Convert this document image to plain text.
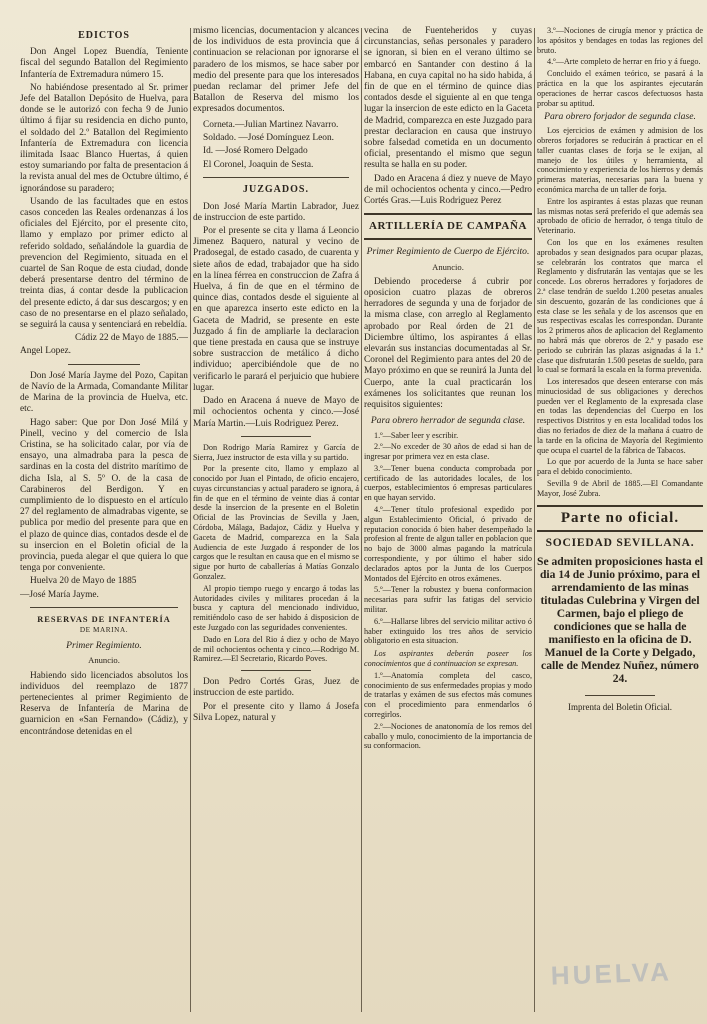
EDICTOS

Don Angel Lopez Buendía, Teniente fiscal del segundo Batallon del Regimiento Infantería de Extremadura número 15.

No habiéndose presentado al Sr. primer Jefe del Batallon Depósito de Huelva, para donde se le autorizó con fecha 9 de Junio último á fijar su residencia en dicho punto, el soldado del 2.º Batallon del Regimiento Infantería de Extremadura con licencia ilimitada Isaac Blanco Huertas, á quien estoy sumariando por falta de presentacion á la revista anual del mes de Octubre último, é ignorándose su paradero;

Usando de las facultades que en estos casos conceden las Reales ordenanzas á los oficiales del Ejército, por el presente cito, llamo y emplazo por primer edicto al referido soldado, señalándole la guardia de prevencion del Regimiento, situada en el cuartel de San Roque de esta ciudad, donde deberá presentarse dentro del término de treinta dias, á contar desde la publicacion del presente edicto, á dar sus descargos; y en caso de no presentarse en el plazo señalado, se seguirá la causa y sentenciará en rebeldía.

Cádiz 22 de Mayo de 1885.—

Angel Lopez.

Don José María Jayme del Pozo, Capitan de Navío de la Armada, Comandante Militar de Marina de la provincia de Huelva, etc. etc.

Hago saber: Que por Don José Milá y Pinell, vecino y del comercio de Isla Cristina, se ha solicitado calar, por vía de ensayo, una almadraba para la pesca de sardinas en la costa del distrito marítimo de dicha Isla, al S. 5º O. de la casa de Carabineros del Berdigon. Y en cumplimiento de lo dispuesto en el artículo 27 del reglamento de almadrabas vigente, se publica por medio del presente para que en el plazo de quince dias, contados desde el de su insercion en el Boletin oficial de la provincia, pueda alegar el que quiera lo que tenga por conveniente.

Huelva 20 de Mayo de 1885

—José María Jayme.

RESERVAS DE INFANTERÍA
DE MARINA.
Primer Regimiento.
Anuncio.

Habiendo sido licenciados absolutos los individuos del reemplazo de 1877 pertenecientes al primer Regimiento de Reserva de Infantería de Marina de guarnicion en «San Fernando» (Cádiz), y encontrándose detenidas en el

mismo licencias, documentacion y alcances de los individuos de esta provincia que á continuacion se relacionan por ignorarse el paradero de los mismos, se hace saber por medio del presente para que los interesados puedan reclamar del primer Jefe del Batallon de Reserva del mismo los expresados documentos.

Corneta.—Julian Martinez Navarro.

Soldado. —José Domínguez Leon.

Id. —José Romero Delgado

El Coronel, Joaquin de Sesta.

JUZGADOS.

Don José María Martin Labrador, Juez de instruccion de este partido.

Por el presente se cita y llama á Leoncio Jimenez Baquero, natural y vecino de Pradosegal, de estado casado, de cuarenta y siete años de edad, trabajador que ha sido en la línea férrea en construccion de Zafra á Huelva, á fin de que en el término de quince dias, contados desde el siguiente al en que aparezca inserto este edicto en la Gaceta de Madrid, se presente en este Juzgado á fin de ampliarle la declaracion que tiene prestada en causa que se instruye sobre sustraccion de metálico á dicho individuo; apercibiéndole que de no verificarlo le parará el perjuicio que hubiere lugar.

Dado en Aracena á nueve de Mayo de mil ochocientos ochenta y cinco.—José María Martin.—Luis Rodriguez Perez.

Don Rodrigo María Ramirez y García de Sierra, Juez instructor de esta villa y su partido.

Por la presente cito, llamo y emplazo al conocido por Juan el Pintado, de oficio encajero, cuyas circunstancias y actual paradero se ignora, á fin de que en el término de veinte dias á contar desde la insercion de la presente en el Boletin Oficial de las Provincias de Sevilla y Jaen, Córdoba, Málaga, Badajoz, Cádiz y Huelva y Gaceta de Madrid, comparezca en la Sala Audiencia de este Juzgado á responder de los cargos que le resultan en causa que en el mismo se sigue por hurto de caballerías á Matías Gonzalo Gonzalez.

Al propio tiempo ruego y encargo á todas las Autoridades civiles y militares procedan á la busca y captura del mencionado individuo, remitiéndolo caso de ser habido á disposicion de este Juzgado con las seguridades convenientes.

Dado en Lora del Rio á diez y ocho de Mayo de mil ochocientos ochenta y cinco.—Rodrigo M. Ramirez.—El Secretario, Ricardo Poves.

Don Pedro Cortés Gras, Juez de instruccion de este partido.

Por el presente cito y llamo á Josefa Silva Lopez, natural y

vecina de Fuenteheridos y cuyas circunstancias, señas personales y paradero se ignoran, si bien en el verano último se embarcó en Santander con destino á la Habana, en cuya capital no ha sido habida, á fin de que en el término de quince dias contados desde el siguiente al en que tenga lugar la insercion de este edicto en la Gaceta de Madrid, comparezca en este Juzgado para prestar declaracion en causa que instruyo sobre falsedad cometida en un documento oficial, presentando el mismo que segun resulta se halla en su poder.

Dado en Aracena á diez y nueve de Mayo de mil ochocientos ochenta y cinco.—Pedro Cortés Gras.—Luis Rodriguez Perez

ARTILLERÍA DE CAMPAÑA
Primer Regimiento de Cuerpo de Ejército.
Anuncio.

Debiendo procederse á cubrir por oposicion cuatro plazas de obreros herradores de segunda y una de forjador de la misma clase, con arreglo al Reglamento aprobado por Real órden de 21 de Diciembre último, los aspirantes á ellas elevarán sus instancias documentadas al Sr. Coronel del Regimiento para antes del 20 de Mayo próximo en que se reunirá la Junta del Cuerpo, ante la cual practicarán los exámenes los solicitantes que reunan los requisitos siguientes:

Para obrero herrador de segunda clase.

1.º—Saber leer y escribir.

2.º—No exceder de 30 años de edad si han de ingresar por primera vez en esta clase.

3.º—Tener buena conducta comprobada por certificado de las autoridades locales, de los cuerpos, establecimientos ó empresas particulares en que hayan servido.

4.º—Tener título profesional expedido por algun Establecimiento Oficial, ó privado de reputacion conocida ó bien haber desempeñado la profesion al frente de algun taller en poblacion que no bajo de 3000 almas pagando la matrícula correspondiente, y por último el haber sido declarados aptos por la Junta de los Cuerpos Montados del Ejército en otros exámenes.

5.º—Tener la robustez y buena conformacion necesarias para sufrir las fatigas del servicio militar.

6.º—Hallarse libres del servicio militar activo ó haber extinguido los tres años de servicio obligatorio en esta situacion.

Los aspirantes deberán poseer los conocimientos que á continuacion se expresan.

1.º—Anatomía completa del casco, conocimiento de sus enfermedades propias y modo de tratarlas y exámen de sus efectos más comunes con el procedimiento para enmendarlos ó corregirlos.

2.º—Nociones de anatonomía de los remos del caballo y mulo, conocimiento de la importancia de su conformacion.

3.º—Nociones de cirugía menor y práctica de los apósitos y bendages en todas las regiones del bruto.

4.º—Arte completo de herrar en frio y á fuego.

Concluido el exámen teórico, se pasará á la práctica en la que los aspirantes ejecutarán operaciones de herrar cascos defectuosos hasta probar su aptitud.

Para obrero forjador de segunda clase.

Los ejercicios de exámen y admision de los obreros forjadores se reducirán á practicar en el taller cuantas clases de forja se le exijan, al manejo de los útiles y herramienta, al conocimiento y experiencia de los hierros y demás primeras materias, necesarias para la buena y económica marcha de un taller de forja.

Entre los aspirantes á estas plazas que reunan las mismas notas será preferido el que además sea aprobado de oficio de herrador, ó tenga título de Veterinario.

Con los que en los exámenes resulten aprobados y sean designados para ocupar plazas, se celebrarán los contratos que marca el Reglamento y disfrutarán las ventajas que se les concede. Los obreros herradores y forjadores de 2.ª clase tendrán de sueldo 1.200 pesetas anuales sin descuento, gozarán de las condiciones que á esta clase se les señala y de los ascensos que en sus respectivas escalas les correspondan. Durante los 2 primeros años de aplicacion del Reglamento no habrá más que obreros de 2.ª y pasado ese periodo se cubrirán las plazas asignadas á la 1.ª clase que disfrutarán 1.500 pesetas de sueldo, para lo cual se formará la escala en la forma prevenida.

Los interesados que deseen enterarse con más minuciosidad de sus obligaciones y derechos pueden ver el Reglamento de la expresada clase en todas las dependencias del Cuerpo en los respectivos Distritos y en esta localidad todos los dias no feriados de diez de la mañana á cuatro de la tarde en la oficina de Mayoría del Regimiento que ocupa el cuartel de la fábrica de Tabacos.

Lo que por acuerdo de la Junta se hace saber para el debido conocimiento.

Sevilla 9 de Abril de 1885.—El Comandante Mayor, José Zubra.

Parte no oficial.
SOCIEDAD SEVILLANA.
Se admiten proposiciones hasta el dia 14 de Junio próximo, para el arrendamiento de las minas tituladas Culebrina y Virgen del Carmen, bajo el pliego de condiciones que se halla de manifiesto en la oficina de D. Manuel de la Corte y Delgado, calle de Mendez Nuñez, número 24.

Imprenta del Boletin Oficial.

HUELVA
